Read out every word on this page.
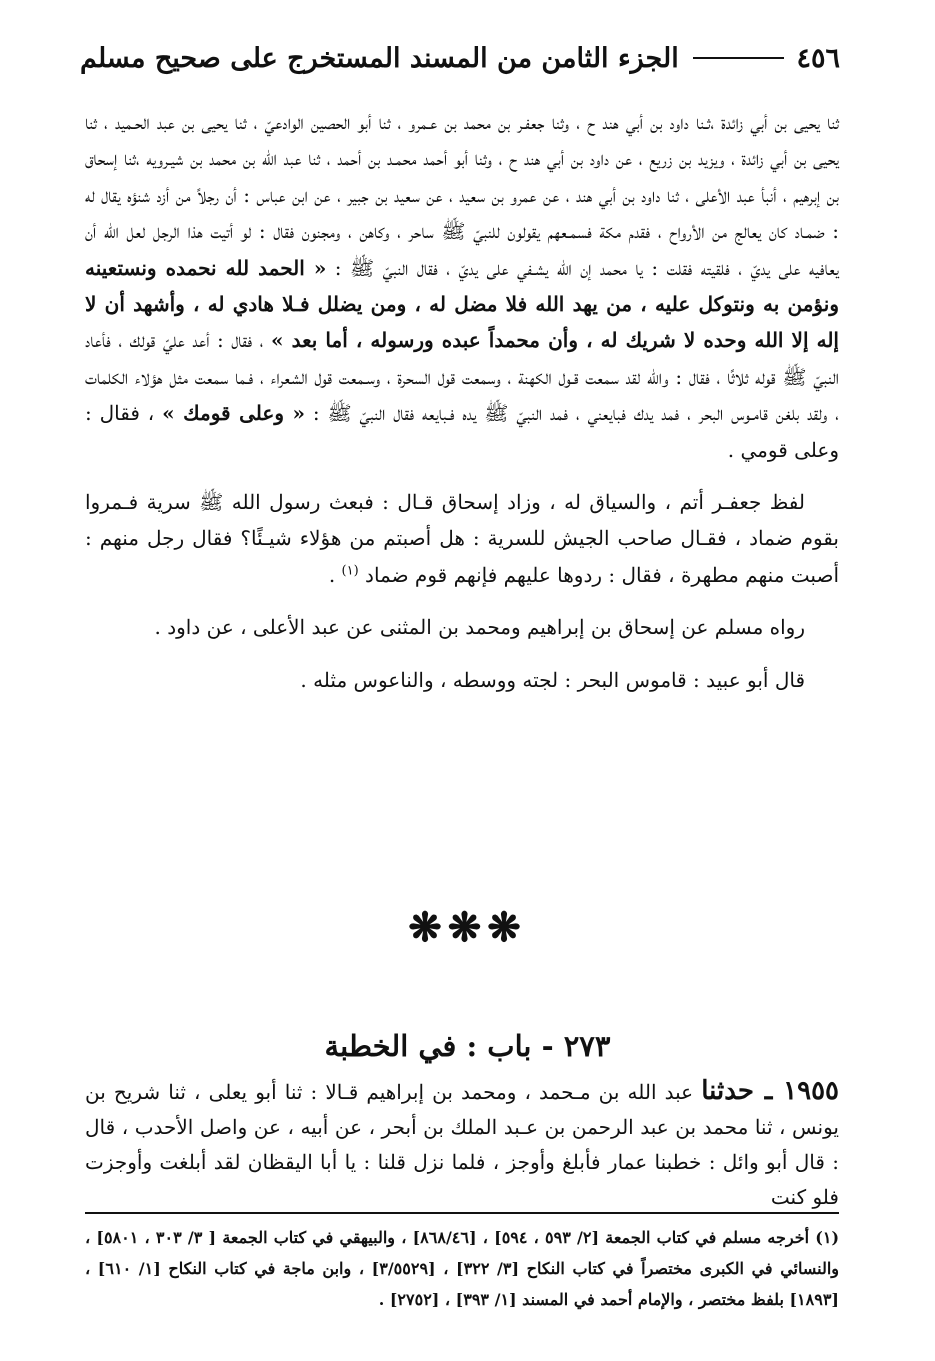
٤٥٦
الجزء الثامن من المسند المستخرج على صحيح مسلم

ثنا يحيى بن أبي زائدة ،ثـنا داود بن أبي هند ح ، وثنا جعفـر بن محمد بن عـمرو ، ثنا أبو الحصين الوادعيّ ، ثنا يحيى بن عبد الحـميد ، ثنا يحيى بن أبي زائدة ، ويزيد بن زريع ، عن داود بن أبي هند ح ، وثنا أبو أحمد محمـد بن أحمد ، ثنا عبد الله بن محمد بن شيـرويه ،ثنا إسحاق بن إبرهيم ، أنبأ عبد الأعلى ، ثنا داود بن أبي هند ، عن عمرو بن سعيد ، عن سعيد بن جبير ، عن ابن عباس : أن رجلاً من أزد شنؤه يقال له : ضمـاد كان يعالج من الأرواح ، فقدم مكة فسمـعهم يقولون للنبيّ ﷺ ساحر ، وكاهن ، ومجنون فقال : لو أتيت هذا الرجل لعل الله أن يعافيه على يديّ ، فلقيته فقلت : يا محمد إن الله يشـفي على يديّ ، فقال النبيّ ﷺ : « الحمد لله نحمده ونستعينه ونؤمن به ونتوكل عليه ، من يهد الله فلا مضل له ، ومن يضلل فـلا هادي له ، وأشهد أن لا إله إلا الله وحده لا شريك له ، وأن محمداً عبده ورسوله ، أما بعد » ، فقال : أعد عليّ قولك ، فأعاد النبيّ ﷺ قوله ثلاثًا ، فقال : والله لقد سمعت قـول الكهنة ، وسمعت قول السحرة ، وسـمعت قول الشعراء ، فـما سمعت مثل هؤلاء الكلمات ، ولقد بلغن قامـوس البحر ، فمد يدك فبايعني ، فمد النبيّ ﷺ يده فـبايعه فقال النبيّ ﷺ : « وعلى قومك » ، فقال : وعلى قومي .

لفظ جعفـر أتم ، والسياق له ، وزاد إسحاق قـال : فبعث رسول الله ﷺ سرية فـمروا بقوم ضماد ، فقـال صاحب الجيش للسرية : هل أصبتم من هؤلاء شيـئًا؟ فقال رجل منهم : أصبت منهم مطهرة ، فقال : ردوها عليهم فإنهم قوم ضماد $^{(١)}$ .

رواه مسلم عن إسحاق بن إبراهيم ومحمد بن المثنى عن عبد الأعلى ، عن داود .

قال أبو عبيد : قاموس البحر : لجته ووسطه ، والناعوس مثله .

❋❋❋
٢٧٣ - باب : في الخطبة

١٩٥٥ ـ حدثنا عبد الله بن مـحمد ، ومحمد بن إبراهيم قـالا : ثنا أبو يعلى ، ثنا شريح بن يونس ، ثنا محمد بن عبد الرحمن بن عـبد الملك بن أبحر ، عن أبيه ، عن واصل الأحدب ، قال : قال أبو وائل : خطبنا عمار فأبلغ وأوجز ، فلما نزل قلنا : يا أبا اليقظان لقد أبلغت وأوجزت فلو كنت

(١) أخرجه مسلم في كتاب الجمعة [٢/ ٥٩٣ ، ٥٩٤] ، [٨٦٨/٤٦] ، والبيهقي في كتاب الجمعة [ ٣/ ٣٠٣ ، ٥٨٠١] ، والنسائي في الكبرى مختصراً في كتاب النكاح [٣/ ٣٢٢] ، [٣/٥٥٢٩] ، وابن ماجة في كتاب النكاح [١/ ٦١٠] ، [١٨٩٣] بلفظ مختصر ، والإمام أحمد في المسند [١/ ٣٩٣] ، [٢٧٥٢] .
